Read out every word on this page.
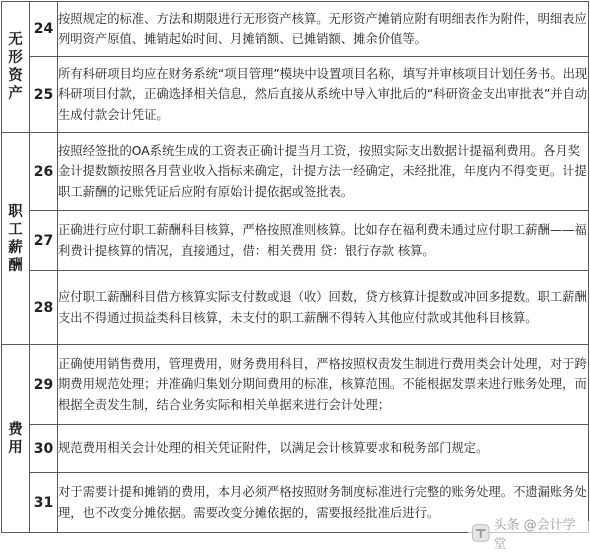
无形资产	24	按照规定的标准、方法和期限进行无形资产核算。无形资产摊销应附有明细表作为附件，明细表应列明资产原值、摊销起始时间、月摊销额、已摊销额、摊余价值等。
	25	所有科研项目均应在财务系统“项目管理”模块中设置项目名称，填写并审核项目计划任务书。出现科研项目付款，正确选择相关信息，然后直接从系统中导入审批后的“科研资金支出审批表”并自动生成付款会计凭证。

职工薪酬	26	按照经签批的OA系统生成的工资表正确计提当月工资，按照实际支出数据计提福利费用。各月奖金计提数额按照各月营业收入指标来确定，计提方法一经确定，未经批准，年度内不得变更。计提职工薪酬的记账凭证后应附有原始计提依据或签批表。
	27	正确进行应付职工薪酬科目核算，严格按照准则核算。比如存在福利费未通过应付职工薪酬——福利费计提核算的情况，直接通过，借：相关费用 贷：银行存款 核算。
	28	应付职工薪酬科目借方核算实际支付数或退（收）回数，贷方核算计提数或冲回多提数。职工薪酬支出不得通过损益类科目核算，未支付的职工薪酬不得转入其他应付款或其他科目核算。

费用	29	正确使用销售费用，管理费用，财务费用科目，严格按照权责发生制进行费用类会计处理，对于跨期费用规范处理；并准确归集划分期间费用的标准，核算范围。不能根据发票来进行账务处理，而根据全责发生制，结合业务实际和相关单据来进行会计处理；
	30	规范费用相关会计处理的相关凭证附件，以满足会计核算要求和税务部门规定。
	31	对于需要计提和摊销的费用，本月必须严格按照财务制度标准进行完整的账务处理。不遗漏账务处理，也不改变分摊依据。需要改变分摊依据的，需要报经批准后进行。
头条 @会计学堂
